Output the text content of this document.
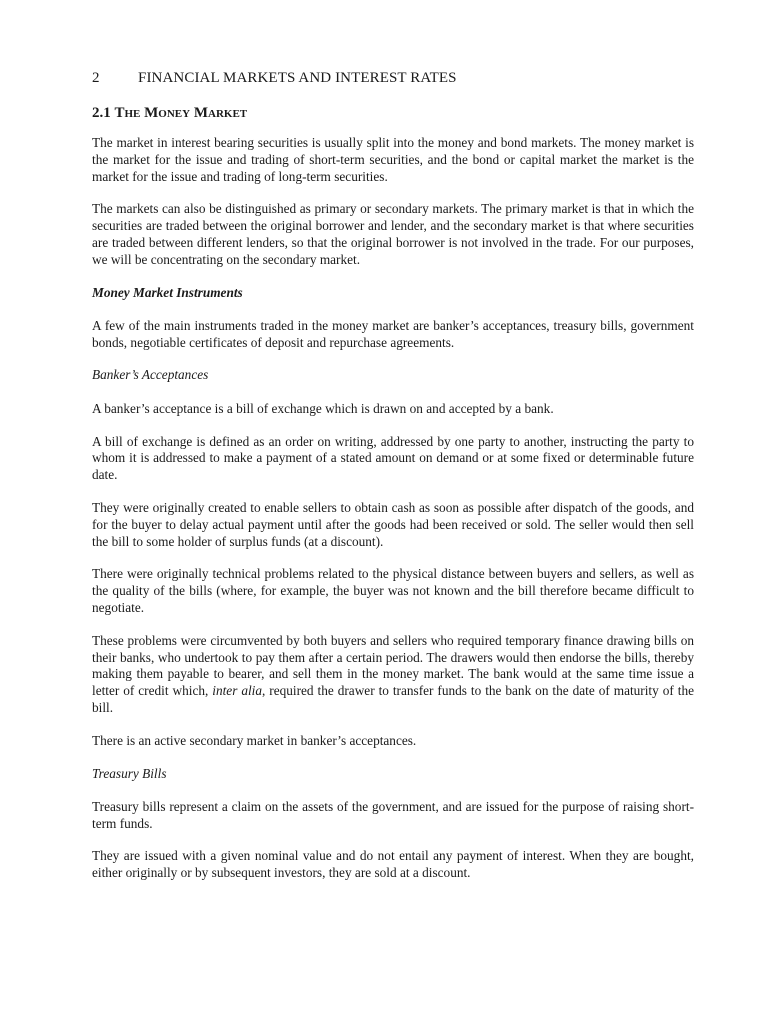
2	FINANCIAL MARKETS AND INTEREST RATES
2.1 The Money Market

The market in interest bearing securities is usually split into the money and bond markets. The money market is the market for the issue and trading of short-term securities, and the bond or capital market the market is the market for the issue and trading of long-term securities.

The markets can also be distinguished as primary or secondary markets. The primary market is that in which the securities are traded between the original borrower and lender, and the secondary market is that where securities are traded between different lenders, so that the original borrower is not involved in the trade. For our purposes, we will be concentrating on the secondary market.

Money Market Instruments

A few of the main instruments traded in the money market are banker’s acceptances, treasury bills, government bonds, negotiable certificates of deposit and repurchase agreements.

Banker’s Acceptances

A banker’s acceptance is a bill of exchange which is drawn on and accepted by a bank.

A bill of exchange is defined as an order on writing, addressed by one party to another, instructing the party to whom it is addressed to make a payment of a stated amount on demand or at some fixed or determinable future date.

They were originally created to enable sellers to obtain cash as soon as possible after dispatch of the goods, and for the buyer to delay actual payment until after the goods had been received or sold. The seller would then sell the bill to some holder of surplus funds (at a discount).

There were originally technical problems related to the physical distance between buyers and sellers, as well as the quality of the bills (where, for example, the buyer was not known and the bill therefore became difficult to negotiate.

These problems were circumvented by both buyers and sellers who required temporary finance drawing bills on their banks, who undertook to pay them after a certain period. The drawers would then endorse the bills, thereby making them payable to bearer, and sell them in the money market. The bank would at the same time issue a letter of credit which, inter alia, required the drawer to transfer funds to the bank on the date of maturity of the bill.

There is an active secondary market in banker’s acceptances.

Treasury Bills

Treasury bills represent a claim on the assets of the government, and are issued for the purpose of raising short-term funds.

They are issued with a given nominal value and do not entail any payment of interest. When they are bought, either originally or by subsequent investors, they are sold at a discount.
